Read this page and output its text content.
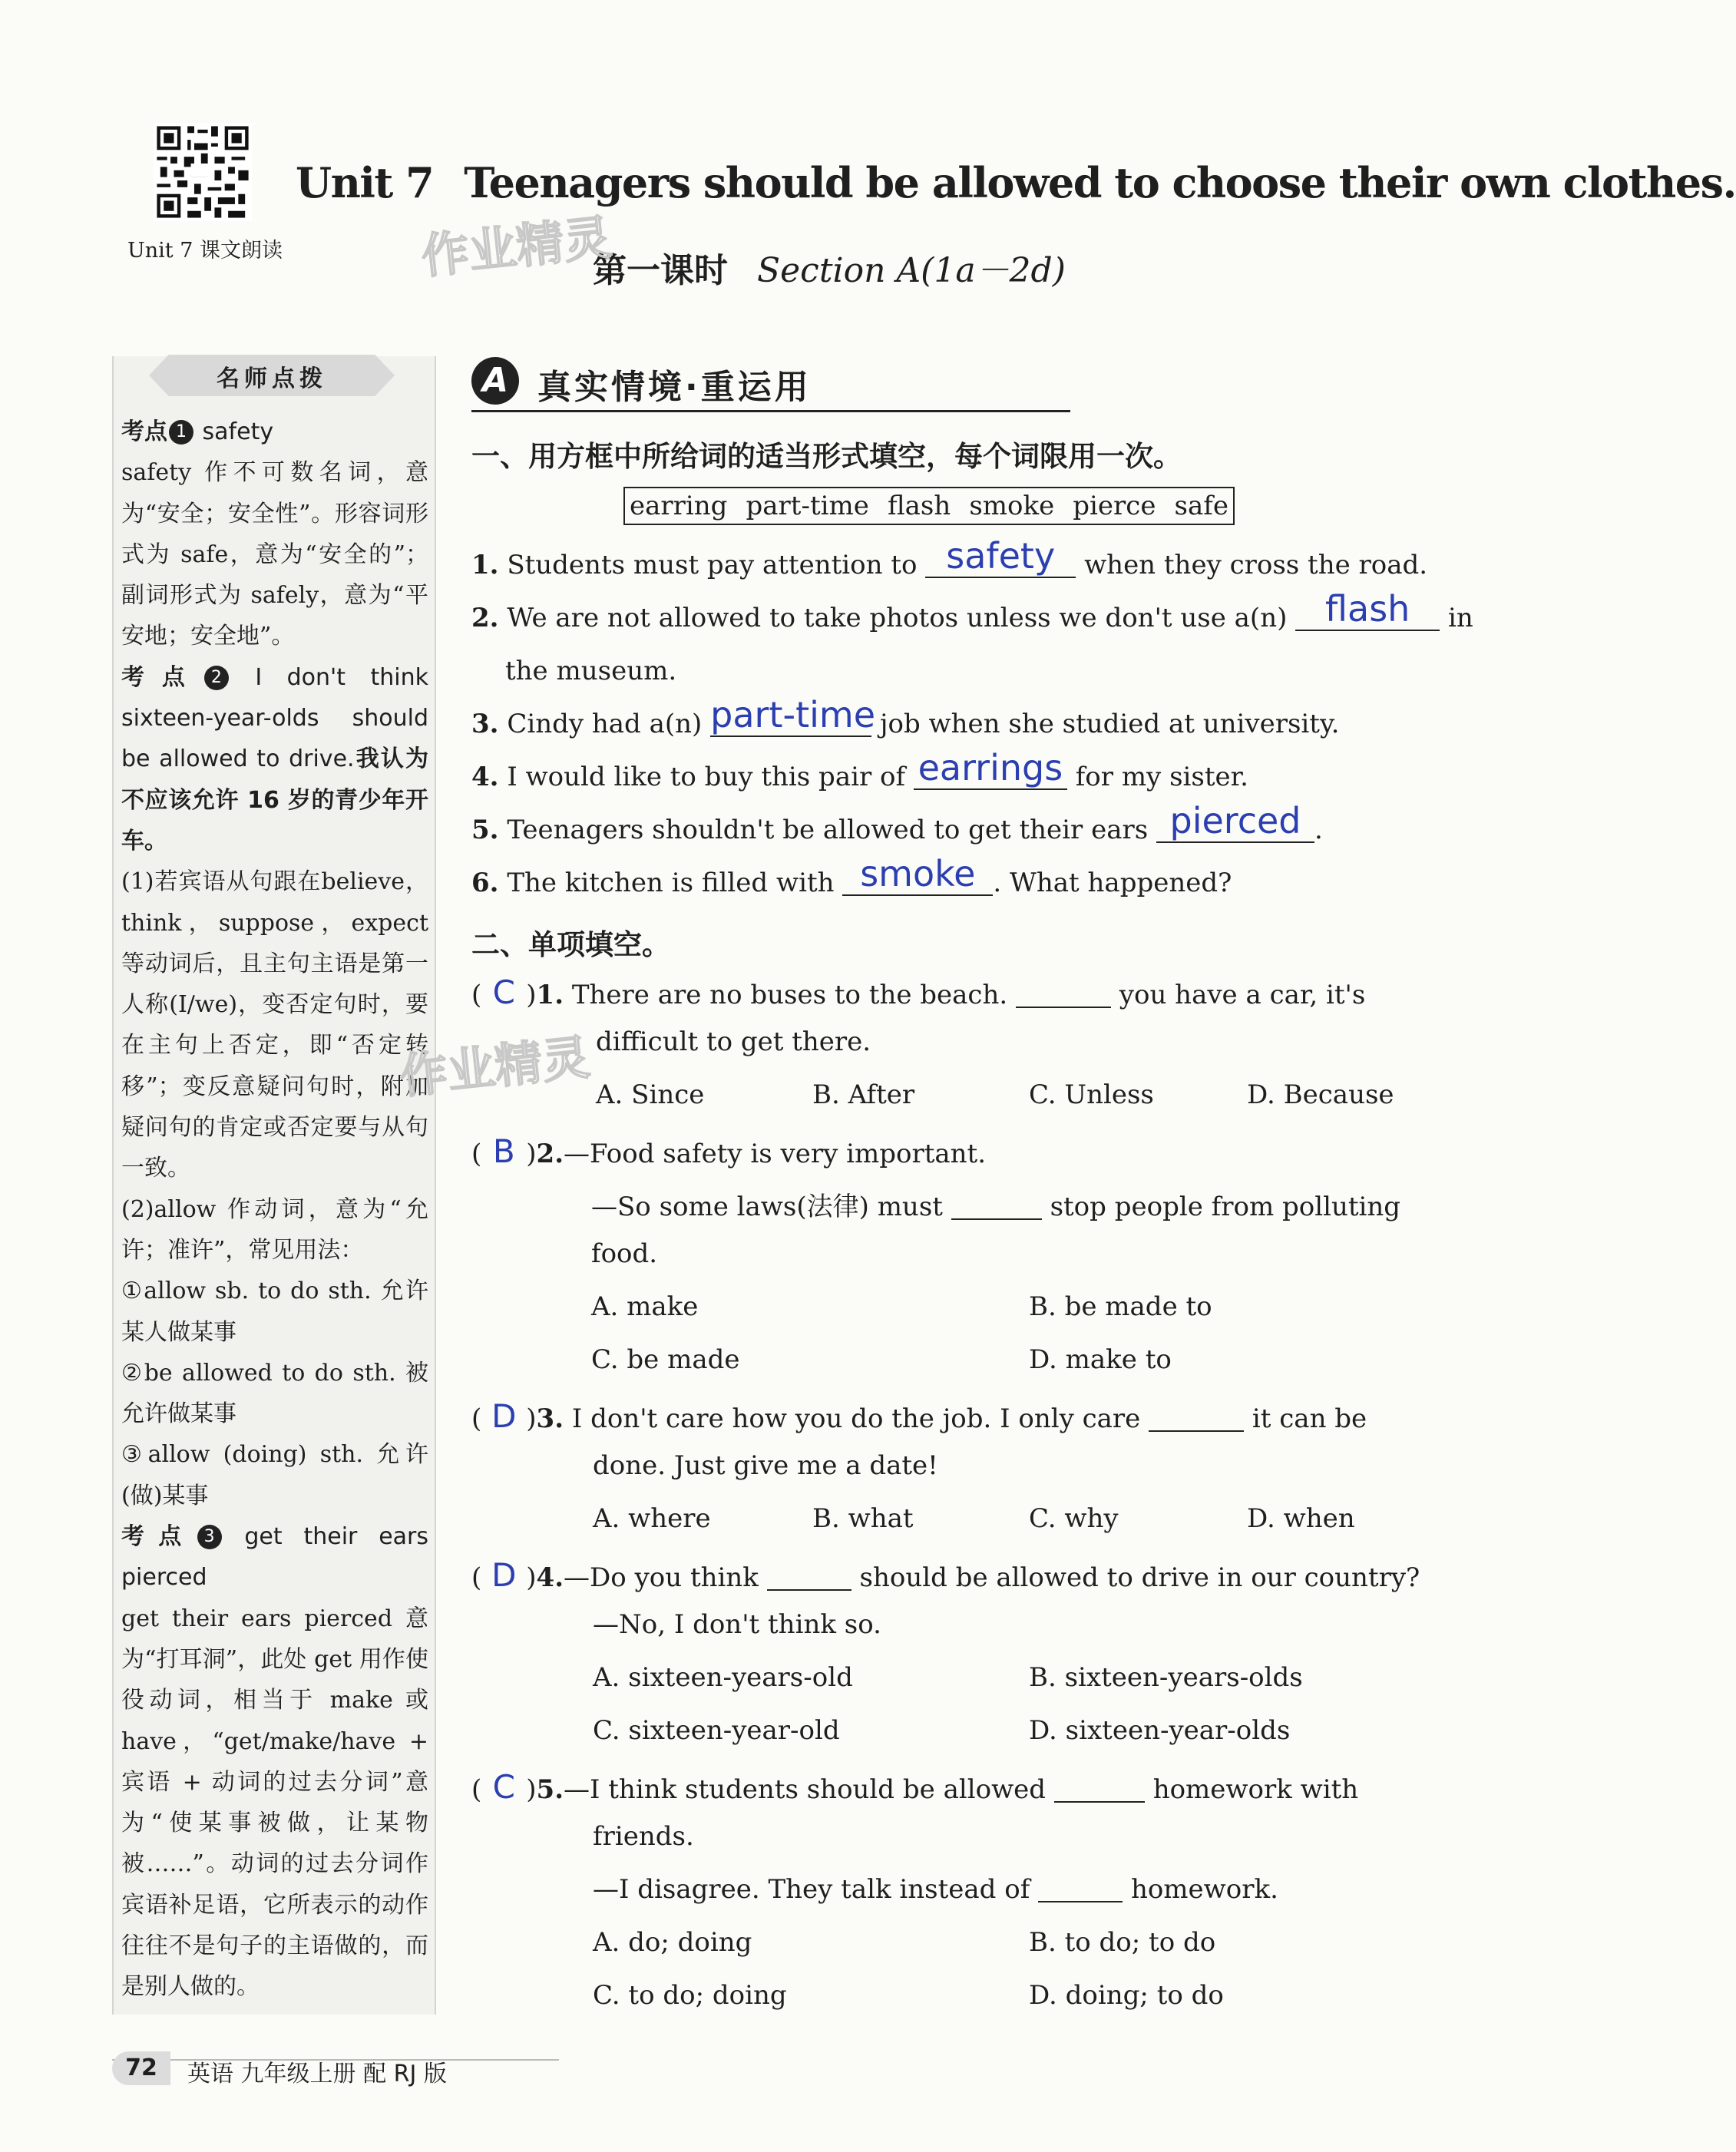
Unit 7 课文朗读
Unit 7 Teenagers should be allowed to choose their own clothes.
第一课时 Section A(1a－2d)
作业精灵
名师点拨
考点 1 safety
safety 作不可数名词，意为“安全；安全性”。形容词形式为 safe，意为“安全的”；副词形式为 safely，意为“平安地；安全地”。
考点 2 I don't think sixteen-year-olds should be allowed to drive.我认为不应该允许 16 岁的青少年开车。
(1)若宾语从句跟在believe，think，suppose，expect 等动词后，且主句主语是第一人称(I/we)，变否定句时，要在主句上否定，即“否定转移”；变反意疑问句时，附加疑问句的肯定或否定要与从句一致。
(2)allow 作动词，意为“允许；准许”，常见用法：
①allow sb. to do sth. 允许某人做某事
②be allowed to do sth. 被允许做某事
③allow (doing) sth. 允许(做)某事
考点 3 get their ears pierced
get their ears pierced 意为“打耳洞”，此处 get 用作使役动词，相当于 make 或 have，“get/make/have + 宾语 + 动词的过去分词”意为“使某事被做，让某物被……”。动词的过去分词作宾语补足语，它所表示的动作往往不是句子的主语做的，而是别人做的。
A 真实情境·重运用
一、用方框中所给词的适当形式填空，每个词限用一次。
earring part-time flash smoke pierce safe
1. Students must pay attention to safety	when they cross the road.
2. We are not allowed to take photos unless we don't use a(n)	flash	in
the museum.
3. Cindy had a(n) part-time job when she studied at university.
4. I would like to buy this pair of earrings for my sister.
5. Teenagers shouldn't be allowed to get their ears pierced .
6. The kitchen is filled with smoke . What happened?
二、单项填空。
( C )1. There are no buses to the beach.	you have a car, it's
difficult to get there.
A. Since	B. After	C. Unless	D. Because
作业精灵
( B )2.—Food safety is very important.
—So some laws(法律) must	stop people from polluting
food.
A. make	B. be made to
C. be made	D. make to
( D )3. I don't care how you do the job. I only care	it can be
done. Just give me a date!
A. where	B. what	C. why	D. when
( D )4.—Do you think	should be allowed to drive in our country?
—No, I don't think so.
A. sixteen-years-old	B. sixteen-years-olds
C. sixteen-year-old	D. sixteen-year-olds
( C )5.—I think students should be allowed	homework with
friends.
—I disagree. They talk instead of	homework.
A. do; doing	B. to do; to do
C. to do; doing	D. doing; to do
72	英语 九年级上册 配 RJ 版
